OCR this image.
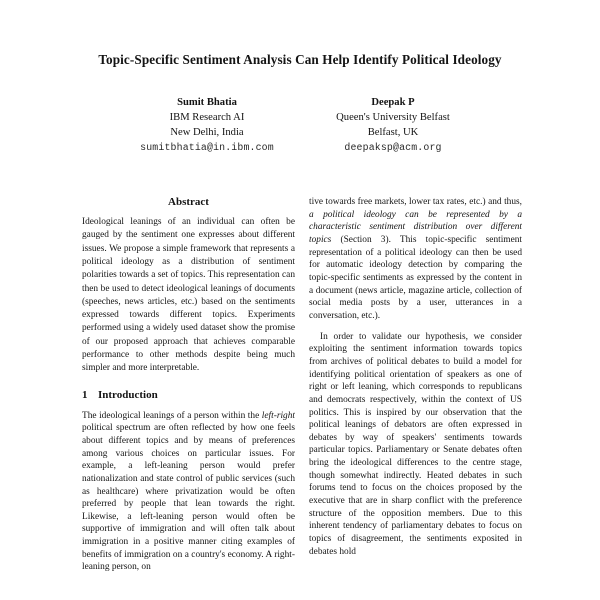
Topic-Specific Sentiment Analysis Can Help Identify Political Ideology
Sumit Bhatia
IBM Research AI
New Delhi, India
sumitbhatia@in.ibm.com
Deepak P
Queen's University Belfast
Belfast, UK
deepaksp@acm.org
Abstract

Ideological leanings of an individual can often be gauged by the sentiment one expresses about different issues. We propose a simple framework that represents a political ideology as a distribution of sentiment polarities towards a set of topics. This representation can then be used to detect ideological leanings of documents (speeches, news articles, etc.) based on the sentiments expressed towards different topics. Experiments performed using a widely used dataset show the promise of our proposed approach that achieves comparable performance to other methods despite being much simpler and more interpretable.

1 Introduction

The ideological leanings of a person within the left-right political spectrum are often reflected by how one feels about different topics and by means of preferences among various choices on particular issues. For example, a left-leaning person would prefer nationalization and state control of public services (such as healthcare) where privatization would be often preferred by people that lean towards the right. Likewise, a left-leaning person would often be supportive of immigration and will often talk about immigration in a positive manner citing examples of benefits of immigration on a country's economy. A right-leaning person, on

tive towards free markets, lower tax rates, etc.) and thus, a political ideology can be represented by a characteristic sentiment distribution over different topics (Section 3). This topic-specific sentiment representation of a political ideology can then be used for automatic ideology detection by comparing the topic-specific sentiments as expressed by the content in a document (news article, magazine article, collection of social media posts by a user, utterances in a conversation, etc.).

In order to validate our hypothesis, we consider exploiting the sentiment information towards topics from archives of political debates to build a model for identifying political orientation of speakers as one of right or left leaning, which corresponds to republicans and democrats respectively, within the context of US politics. This is inspired by our observation that the political leanings of debators are often expressed in debates by way of speakers' sentiments towards particular topics. Parliamentary or Senate debates often bring the ideological differences to the centre stage, though somewhat indirectly. Heated debates in such forums tend to focus on the choices proposed by the executive that are in sharp conflict with the preference structure of the opposition members. Due to this inherent tendency of parliamentary debates to focus on topics of disagreement, the sentiments exposited in debates hold
